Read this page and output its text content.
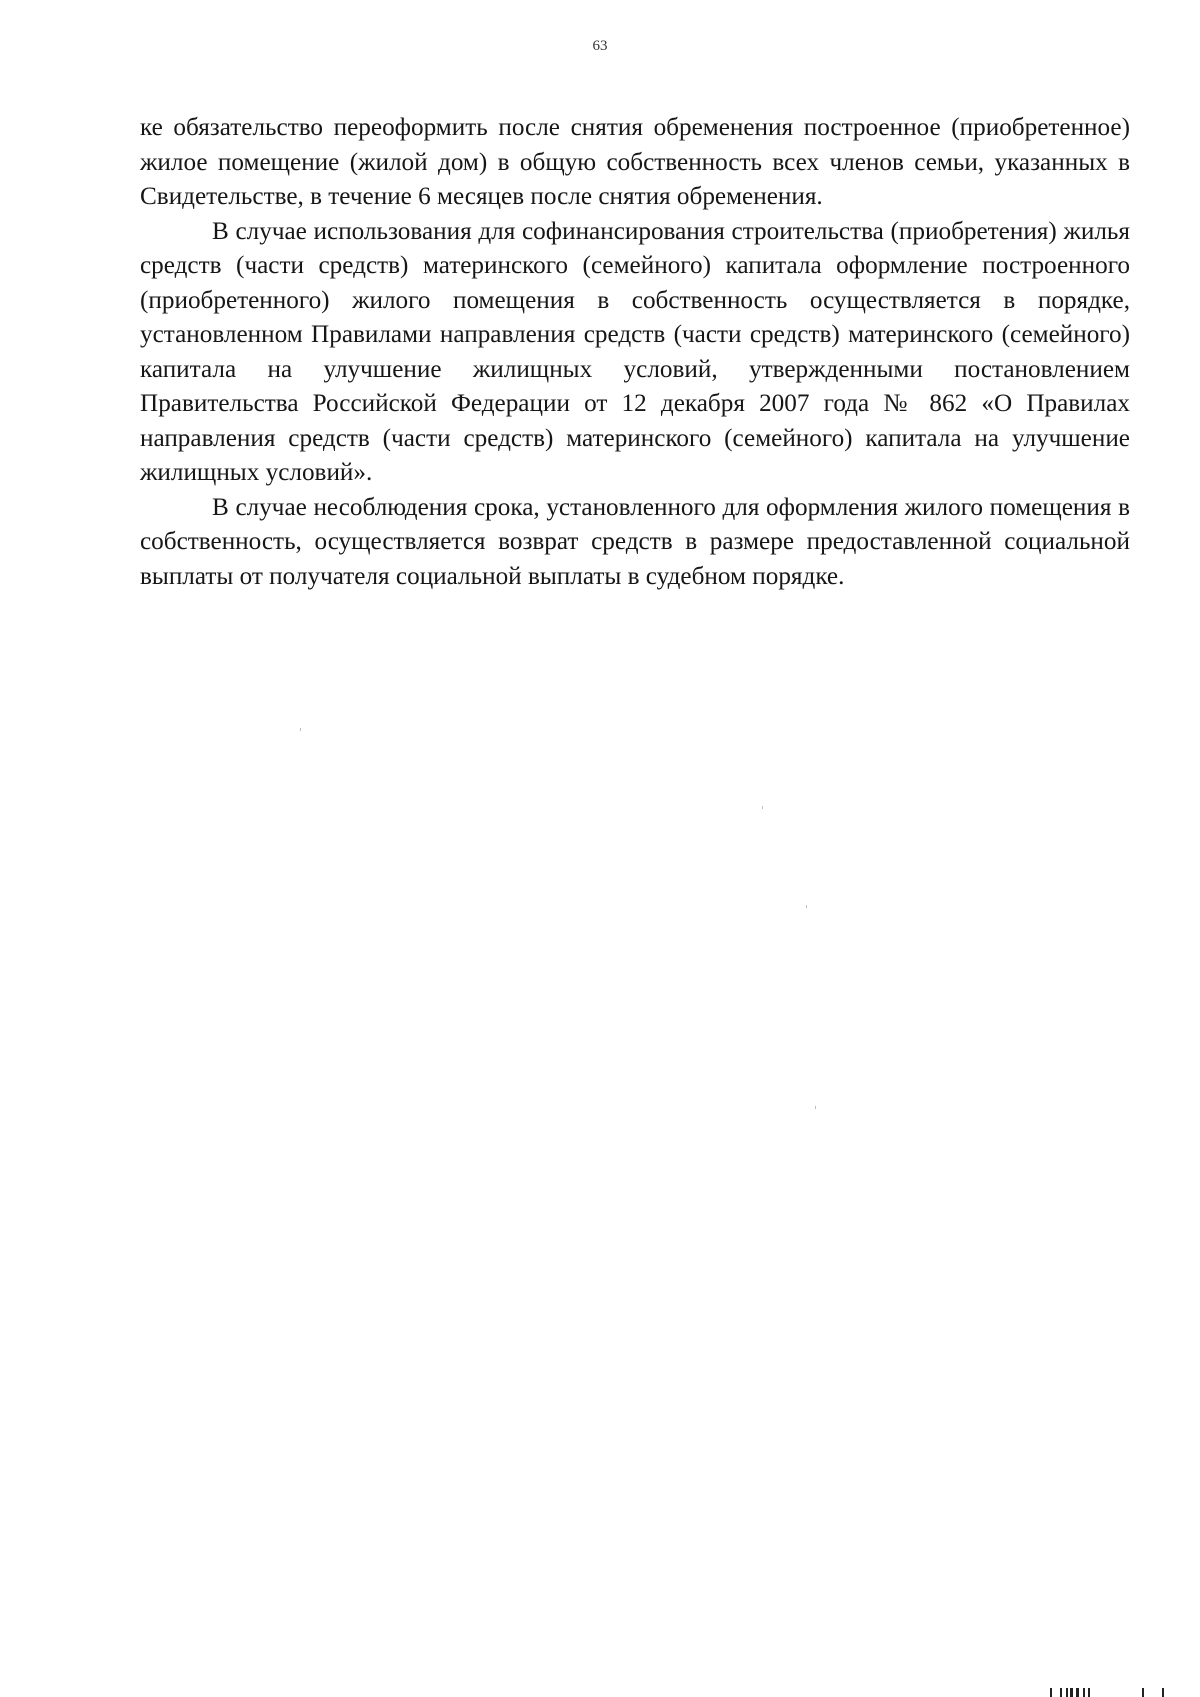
63

ке обязательство переоформить после снятия обременения построенное (приобретенное) жилое помещение (жилой дом) в общую собственность всех членов семьи, указанных в Свидетельстве, в течение 6 месяцев после снятия обременения.

В случае использования для софинансирования строительства (приобретения) жилья средств (части средств) материнского (семейного) капитала оформление построенного (приобретенного) жилого помещения в собственность осуществляется в порядке, установленном Правилами направления средств (части средств) материнского (семейного) капитала на улучшение жилищных условий, утвержденными постановлением Правительства Российской Федерации от 12 декабря 2007 года № 862 «О Правилах направления средств (части средств) материнского (семейного) капитала на улучшение жилищных условий».

В случае несоблюдения срока, установленного для оформления жилого помещения в собственность, осуществляется возврат средств в размере предоставленной социальной выплаты от получателя социальной выплаты в судебном порядке.
